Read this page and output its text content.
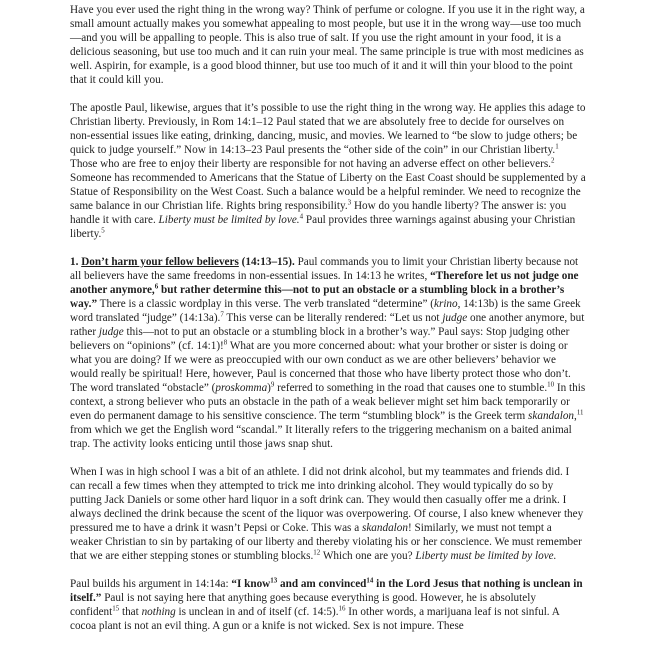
Have you ever used the right thing in the wrong way? Think of perfume or cologne. If you use it in the right way, a small amount actually makes you somewhat appealing to most people, but use it in the wrong way—use too much—and you will be appalling to people. This is also true of salt. If you use the right amount in your food, it is a delicious seasoning, but use too much and it can ruin your meal. The same principle is true with most medicines as well. Aspirin, for example, is a good blood thinner, but use too much of it and it will thin your blood to the point that it could kill you.

The apostle Paul, likewise, argues that it’s possible to use the right thing in the wrong way. He applies this adage to Christian liberty. Previously, in Rom 14:1–12 Paul stated that we are absolutely free to decide for ourselves on non-essential issues like eating, drinking, dancing, music, and movies. We learned to “be slow to judge others; be quick to judge yourself.” Now in 14:13–23 Paul presents the “other side of the coin” in our Christian liberty.$^1$ Those who are free to enjoy their liberty are responsible for not having an adverse effect on other believers.$^2$ Someone has recommended to Americans that the Statue of Liberty on the East Coast should be supplemented by a Statue of Responsibility on the West Coast. Such a balance would be a helpful reminder. We need to recognize the same balance in our Christian life. Rights bring responsibility.$^3$ How do you handle liberty? The answer is: you handle it with care. Liberty must be limited by love.$^4$ Paul provides three warnings against abusing your Christian liberty.$^5$

1. Don’t harm your fellow believers (14:13–15). Paul commands you to limit your Christian liberty because not all believers have the same freedoms in non-essential issues. In 14:13 he writes, “Therefore let us not judge one another anymore,$^6$ but rather determine this—not to put an obstacle or a stumbling block in a brother’s way.” There is a classic wordplay in this verse. The verb translated “determine” (krino, 14:13b) is the same Greek word translated “judge” (14:13a).$^7$ This verse can be literally rendered: “Let us not judge one another anymore, but rather judge this—not to put an obstacle or a stumbling block in a brother’s way.” Paul says: Stop judging other believers on “opinions” (cf. 14:1)!$^8$ What are you more concerned about: what your brother or sister is doing or what you are doing? If we were as preoccupied with our own conduct as we are other believers’ behavior we would really be spiritual! Here, however, Paul is concerned that those who have liberty protect those who don’t. The word translated “obstacle” (proskomma)$^9$ referred to something in the road that causes one to stumble.$^{10}$ In this context, a strong believer who puts an obstacle in the path of a weak believer might set him back temporarily or even do permanent damage to his sensitive conscience. The term “stumbling block” is the Greek term skandalon,$^{11}$ from which we get the English word “scandal.” It literally refers to the triggering mechanism on a baited animal trap. The activity looks enticing until those jaws snap shut.

When I was in high school I was a bit of an athlete. I did not drink alcohol, but my teammates and friends did. I can recall a few times when they attempted to trick me into drinking alcohol. They would typically do so by putting Jack Daniels or some other hard liquor in a soft drink can. They would then casually offer me a drink. I always declined the drink because the scent of the liquor was overpowering. Of course, I also knew whenever they pressured me to have a drink it wasn’t Pepsi or Coke. This was a skandalon! Similarly, we must not tempt a weaker Christian to sin by partaking of our liberty and thereby violating his or her conscience. We must remember that we are either stepping stones or stumbling blocks.$^{12}$ Which one are you? Liberty must be limited by love.

Paul builds his argument in 14:14a: “I know$^{13}$ and am convinced$^{14}$ in the Lord Jesus that nothing is unclean in itself.” Paul is not saying here that anything goes because everything is good. However, he is absolutely confident$^{15}$ that nothing is unclean in and of itself (cf. 14:5).$^{16}$ In other words, a marijuana leaf is not sinful. A cocoa plant is not an evil thing. A gun or a knife is not wicked. Sex is not impure. These
